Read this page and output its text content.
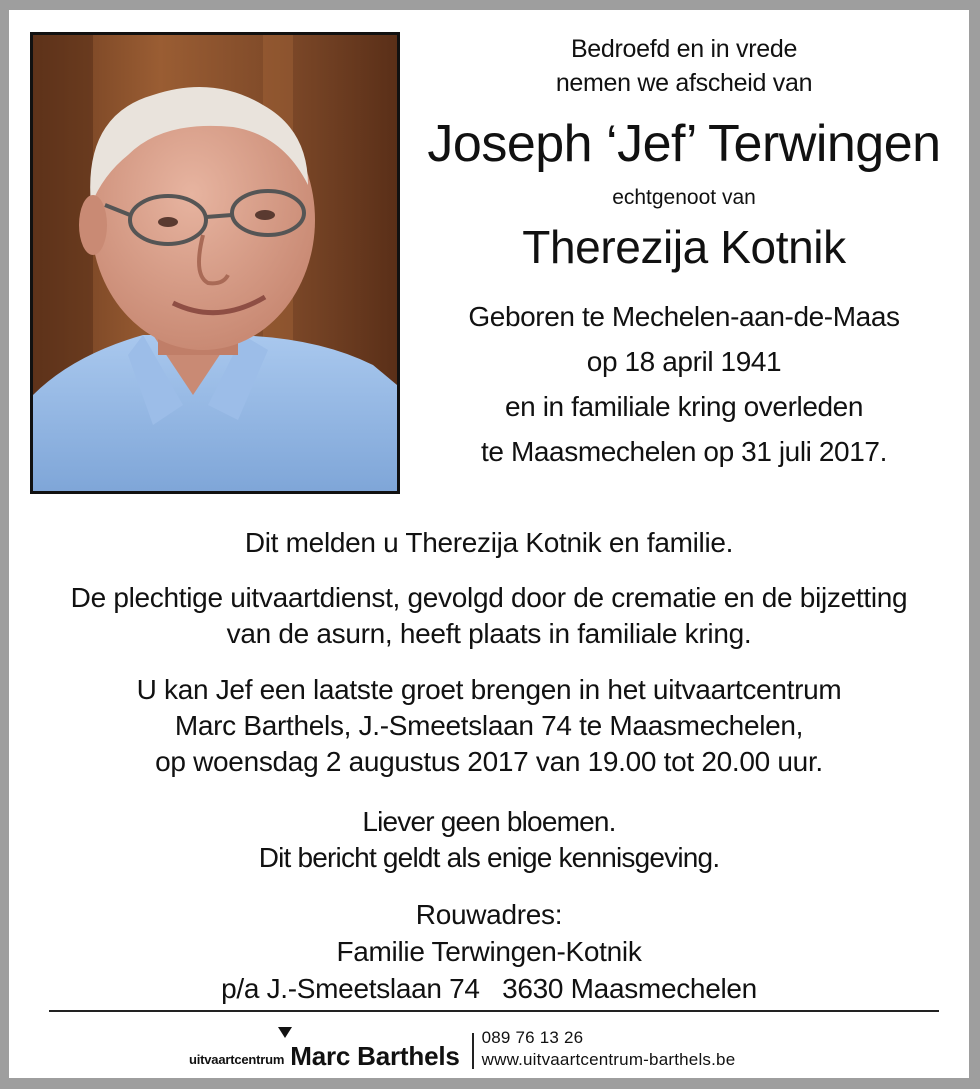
Bedroefd en in vrede
nemen we afscheid van
Joseph ‘Jef’ Terwingen
echtgenoot van
Therezija Kotnik
Geboren te Mechelen-aan-de-Maas
op 18 april 1941
en in familiale kring overleden
te Maasmechelen op 31 juli 2017.
Dit melden u Therezija Kotnik en familie.
De plechtige uitvaartdienst, gevolgd door de crematie en de bijzetting
van de asurn, heeft plaats in familiale kring.
U kan Jef een laatste groet brengen in het uitvaartcentrum
Marc Barthels, J.-Smeetslaan 74 te Maasmechelen,
op woensdag 2 augustus 2017 van 19.00 tot 20.00 uur.
Liever geen bloemen.
Dit bericht geldt als enige kennisgeving.
Rouwadres:
Familie Terwingen-Kotnik
p/a J.-Smeetslaan 74   3630 Maasmechelen
uitvaartcentrum Marc Barthels
089 76 13 26
www.uitvaartcentrum-barthels.be
